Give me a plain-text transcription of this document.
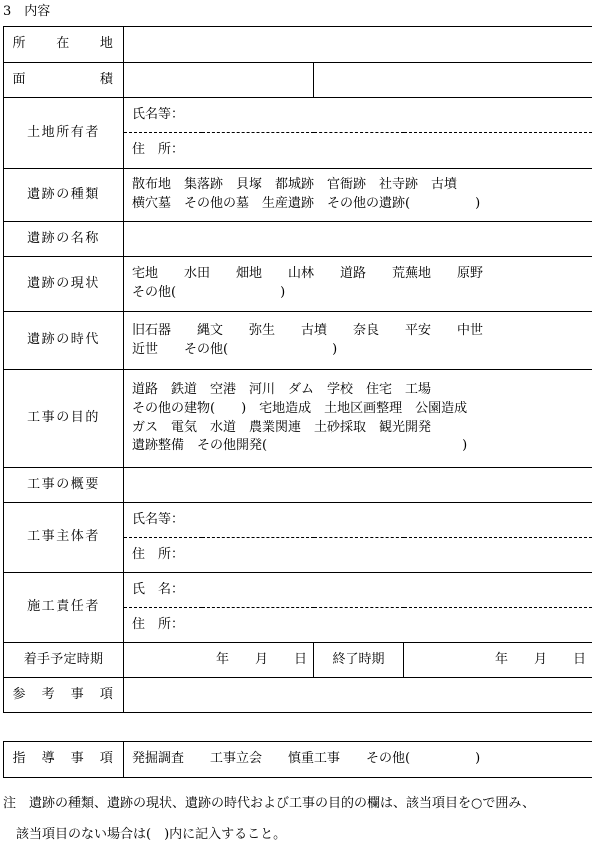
3　内容
所　　在　　地			
面　　　　　積			
土地所有者	氏名等：		
	住　所：		
遺跡の種類	散布地　集落跡　貝塚　都城跡　官衙跡　社寺跡　古墳
横穴墓　その他の墓　生産遺跡　その他の遺跡(　　　　　)		

遺跡の名称			
遺跡の現状	宅地　　水田　　畑地　　山林　　道路　　荒蕪地　　原野
その他(　　　　　　　　)		

遺跡の時代	旧石器　　縄文　　弥生　　古墳　　奈良　　平安　　中世
近世　　その他(　　　　　　　　)		

工事の目的	道路　鉄道　空港　河川　ダム　学校　住宅　工場
その他の建物(　　)　宅地造成　土地区画整理　公園造成
ガス　電気　水道　農業関連　土砂採取　観光開発
遺跡整備　その他開発(　　　　　　　　　　　　　　　)		

工事の概要			
工事主体者	氏名等：		
	住　所：		
施工責任者	氏　名：		
	住　所：		
着手予定時期	年　　月　　日	終了時期	年　　月　　日
参　考　事　項			
指　導　事　項	発掘調査　　工事立会　　慎重工事　　その他(　　　　　)
注　遺跡の種類、遺跡の現状、遺跡の時代および工事の目的の欄は、該当項目を○で囲み、
　該当項目のない場合は(　)内に記入すること。
